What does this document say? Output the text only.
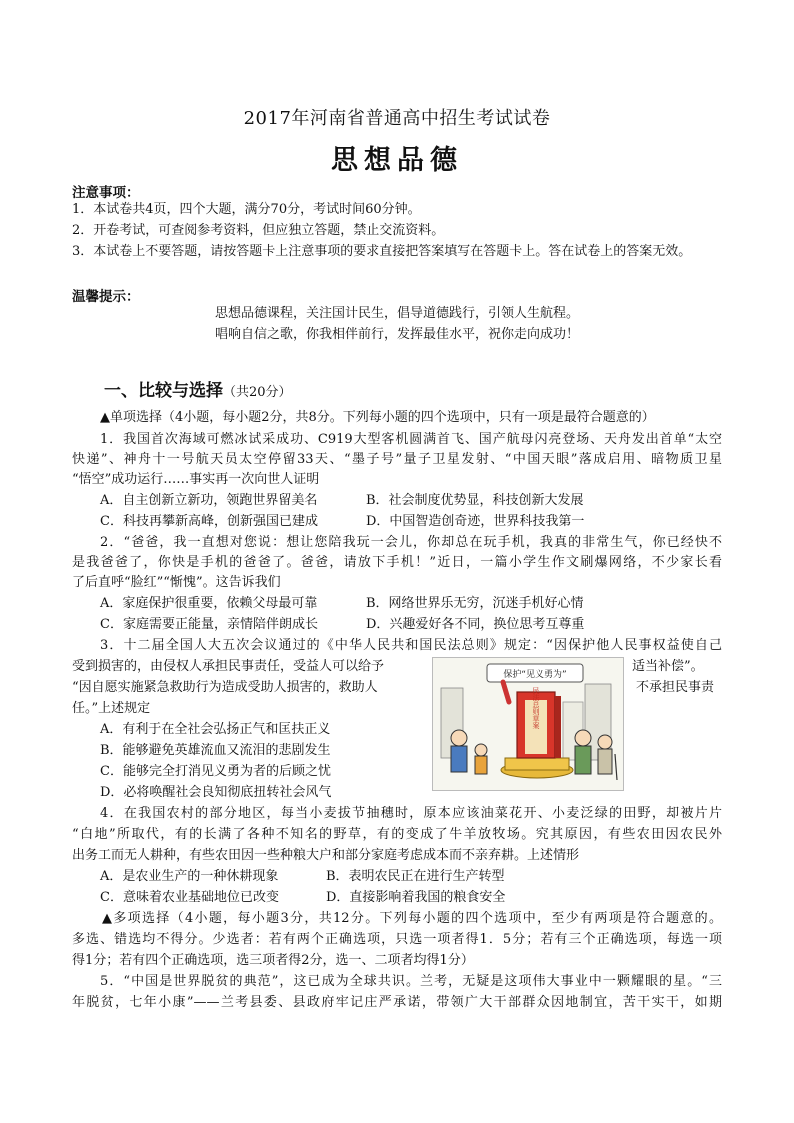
2017年河南省普通高中招生考试试卷
思想品德
注意事项：
1．本试卷共4页，四个大题，满分70分，考试时间60分钟。
2．开卷考试，可查阅参考资料，但应独立答题，禁止交流资料。
3．本试卷上不要答题，请按答题卡上注意事项的要求直接把答案填写在答题卡上。答在试卷上的答案无效。
温馨提示：
思想品德课程，关注国计民生，倡导道德践行，引领人生航程。
唱响自信之歌，你我相伴前行，发挥最佳水平，祝你走向成功！
一、比较与选择（共20分）
▲单项选择（4小题，每小题2分，共8分。下列每小题的四个选项中，只有一项是最符合题意的）
1．我国首次海域可燃冰试采成功、C919大型客机圆满首飞、国产航母闪亮登场、天舟发出首单“太空
快递”、神舟十一号航天员太空停留33天、“墨子号”量子卫星发射、“中国天眼”落成启用、暗物质卫星
“悟空”成功运行……事实再一次向世人证明
A．自主创新立新功，领跑世界留美名	B．社会制度优势显，科技创新大发展
C．科技再攀新高峰，创新强国已建成	D．中国智造创奇迹，世界科技我第一
2．“爸爸，我一直想对您说：想让您陪我玩一会儿，你却总在玩手机，我真的非常生气，你已经快不
是我爸爸了，你快是手机的爸爸了。爸爸，请放下手机！”近日，一篇小学生作文刷爆网络，不少家长看
了后直呼“脸红”“惭愧”。这告诉我们
A．家庭保护很重要，依赖父母最可靠	B．网络世界乐无穷，沉迷手机好心情
C．家庭需要正能量，亲情陪伴朗成长	D．兴趣爱好各不同，换位思考互尊重
3．十二届全国人大五次会议通过的《中华人民共和国民法总则》规定：“因保护他人民事权益使自己
受到损害的，由侵权人承担民事责任，受益人可以给予	适当补偿”。
“因自愿实施紧急救助行为造成受助人损害的，救助人	不承担民事责
任。”上述规定
A．有利于在全社会弘扬正气和匡扶正义
B．能够避免英雄流血又流泪的悲剧发生
C．能够完全打消见义勇为者的后顾之忧
D．必将唤醒社会良知彻底扭转社会风气
保护“见义勇为”
民法总则草案
4．在我国农村的部分地区，每当小麦拔节抽穗时，原本应该油菜花开、小麦泛绿的田野，却被片片
“白地”所取代，有的长满了各种不知名的野草，有的变成了牛羊放牧场。究其原因，有些农田因农民外
出务工而无人耕种，有些农田因一些种粮大户和部分家庭考虑成本而不亲弃耕。上述情形
A．是农业生产的一种休耕现象	B．表明农民正在进行生产转型
C．意味着农业基础地位已改变	D．直接影响着我国的粮食安全
▲多项选择（4小题，每小题3分，共12分。下列每小题的四个选项中，至少有两项是符合题意的。
多选、错选均不得分。少选者：若有两个正确选项，只选一项者得1．5分；若有三个正确选项，每选一项
得1分；若有四个正确选项，选三项者得2分，选一、二项者均得1分）
5．“中国是世界脱贫的典范”，这已成为全球共识。兰考，无疑是这项伟大事业中一颗耀眼的星。“三
年脱贫，七年小康”——兰考县委、县政府牢记庄严承诺，带领广大干部群众因地制宜，苦干实干，如期
